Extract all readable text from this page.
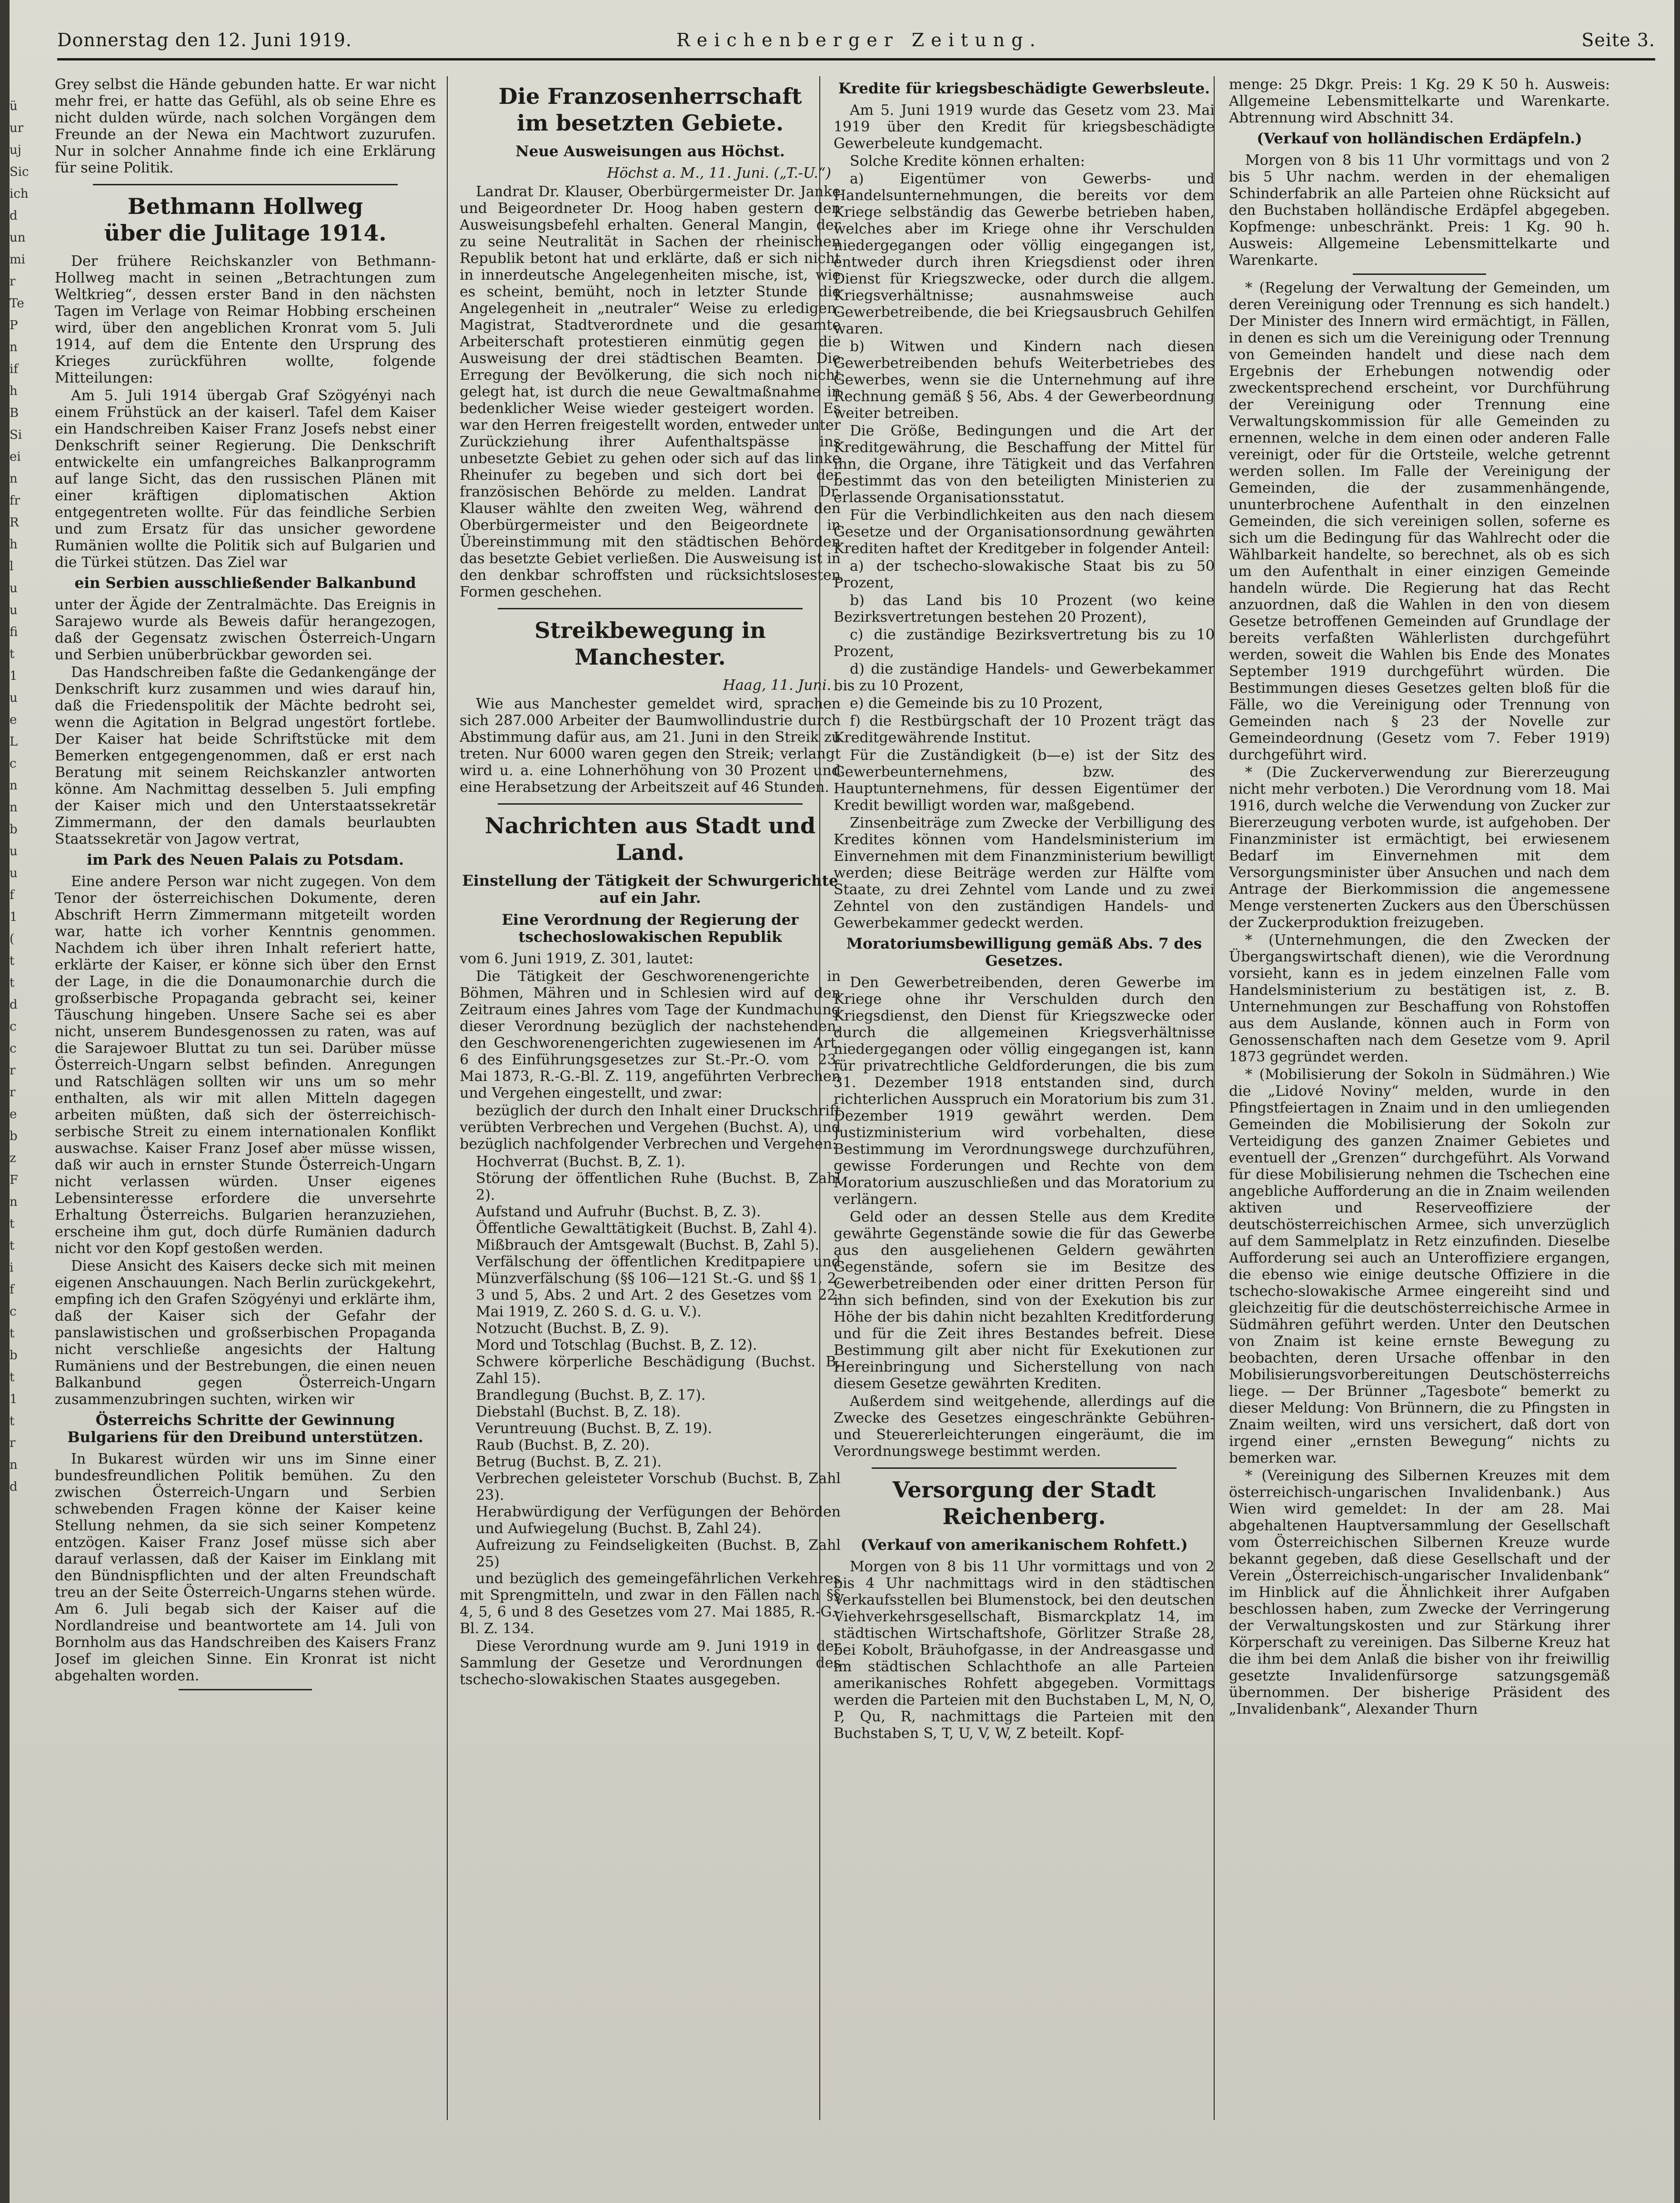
ü
ur
uj
Sic
ich
d
un
mi
r
Te
P
n
if
h
B
Si
ei
n
fr
R
h
l
u
u
fi
t
1
u
e
L
c
n
n
b
u
u
f
1
(
t
t
d
c
c
r
r
e
b
z
F
n
t
t
i
f
c
t
b
t
1
t
r
n
d
Donnerstag den 12. Juni 1919.	Reichenberger Zeitung.	Seite 3.

Grey selbst die Hände gebunden hatte. Er war nicht mehr frei, er hatte das Gefühl, als ob seine Ehre es nicht dulden würde, nach solchen Vorgängen dem Freunde an der Newa ein Machtwort zuzurufen. Nur in solcher Annahme finde ich eine Erklärung für seine Politik.

Bethmann Hollweg
über die Julitage 1914.

Der frühere Reichskanzler von Bethmann-Hollweg macht in seinen „Betrachtungen zum Weltkrieg“, dessen erster Band in den nächsten Tagen im Verlage von Reimar Hobbing erscheinen wird, über den angeblichen Kronrat vom 5. Juli 1914, auf dem die Entente den Ursprung des Krieges zurückführen wollte, folgende Mitteilungen:

Am 5. Juli 1914 übergab Graf Szögyényi nach einem Frühstück an der kaiserl. Tafel dem Kaiser ein Handschreiben Kaiser Franz Josefs nebst einer Denkschrift seiner Regierung. Die Denkschrift entwickelte ein umfangreiches Balkanprogramm auf lange Sicht, das den russischen Plänen mit einer kräftigen diplomatischen Aktion entgegentreten wollte. Für das feindliche Serbien und zum Ersatz für das unsicher gewordene Rumänien wollte die Politik sich auf Bulgarien und die Türkei stützen. Das Ziel war

ein Serbien ausschließender Balkanbund

unter der Ägide der Zentralmächte. Das Ereignis in Sarajewo wurde als Beweis dafür herangezogen, daß der Gegensatz zwischen Österreich-Ungarn und Serbien unüberbrückbar geworden sei.

Das Handschreiben faßte die Gedankengänge der Denkschrift kurz zusammen und wies darauf hin, daß die Friedenspolitik der Mächte bedroht sei, wenn die Agitation in Belgrad ungestört fortlebe. Der Kaiser hat beide Schriftstücke mit dem Bemerken entgegengenommen, daß er erst nach Beratung mit seinem Reichskanzler antworten könne. Am Nachmittag desselben 5. Juli empfing der Kaiser mich und den Unterstaatssekretär Zimmermann, der den damals beurlaubten Staatssekretär von Jagow vertrat,

im Park des Neuen Palais zu Potsdam.

Eine andere Person war nicht zugegen. Von dem Tenor der österreichischen Dokumente, deren Abschrift Herrn Zimmermann mitgeteilt worden war, hatte ich vorher Kenntnis genommen. Nachdem ich über ihren Inhalt referiert hatte, erklärte der Kaiser, er könne sich über den Ernst der Lage, in die die Donaumonarchie durch die großserbische Propaganda gebracht sei, keiner Täuschung hingeben. Unsere Sache sei es aber nicht, unserem Bundesgenossen zu raten, was auf die Sarajewoer Bluttat zu tun sei. Darüber müsse Österreich-Ungarn selbst befinden. Anregungen und Ratschlägen sollten wir uns um so mehr enthalten, als wir mit allen Mitteln dagegen arbeiten müßten, daß sich der österreichisch-serbische Streit zu einem internationalen Konflikt auswachse. Kaiser Franz Josef aber müsse wissen, daß wir auch in ernster Stunde Österreich-Ungarn nicht verlassen würden. Unser eigenes Lebensinteresse erfordere die unversehrte Erhaltung Österreichs. Bulgarien heranzuziehen, erscheine ihm gut, doch dürfe Rumänien dadurch nicht vor den Kopf gestoßen werden.

Diese Ansicht des Kaisers decke sich mit meinen eigenen Anschauungen. Nach Berlin zurückgekehrt, empfing ich den Grafen Szögyényi und erklärte ihm, daß der Kaiser sich der Gefahr der panslawistischen und großserbischen Propaganda nicht verschließe angesichts der Haltung Rumäniens und der Bestrebungen, die einen neuen Balkanbund gegen Österreich-Ungarn zusammenzubringen suchten, wirken wir

Österreichs Schritte der Gewinnung Bulgariens für den Dreibund unterstützen.

In Bukarest würden wir uns im Sinne einer bundesfreundlichen Politik bemühen. Zu den zwischen Österreich-Ungarn und Serbien schwebenden Fragen könne der Kaiser keine Stellung nehmen, da sie sich seiner Kompetenz entzögen. Kaiser Franz Josef müsse sich aber darauf verlassen, daß der Kaiser im Einklang mit den Bündnispflichten und der alten Freundschaft treu an der Seite Österreich-Ungarns stehen würde. Am 6. Juli begab sich der Kaiser auf die Nordlandreise und beantwortete am 14. Juli von Bornholm aus das Handschreiben des Kaisers Franz Josef im gleichen Sinne. Ein Kronrat ist nicht abgehalten worden.

Die Franzosenherrschaft
im besetzten Gebiete.
Neue Ausweisungen aus Höchst.
Höchst a. M., 11. Juni. („T.-U.“)

Landrat Dr. Klauser, Oberbürgermeister Dr. Janke und Beigeordneter Dr. Hoog haben gestern den Ausweisungsbefehl erhalten. General Mangin, der zu seine Neutralität in Sachen der rheinischen Republik betont hat und erklärte, daß er sich nicht in innerdeutsche Angelegenheiten mische, ist, wie es scheint, bemüht, noch in letzter Stunde die Angelegenheit in „neutraler“ Weise zu erledigen. Magistrat, Stadtverordnete und die gesamte Arbeiterschaft protestieren einmütig gegen die Ausweisung der drei städtischen Beamten. Die Erregung der Bevölkerung, die sich noch nicht gelegt hat, ist durch die neue Gewaltmaßnahme in bedenklicher Weise wieder gesteigert worden. Es war den Herren freigestellt worden, entweder unter Zurückziehung ihrer Aufenthaltspässe ins unbesetzte Gebiet zu gehen oder sich auf das linke Rheinufer zu begeben und sich dort bei der französischen Behörde zu melden. Landrat Dr. Klauser wählte den zweiten Weg, während den Oberbürgermeister und den Beigeordnete in Übereinstimmung mit den städtischen Behörden das besetzte Gebiet verließen. Die Ausweisung ist in den denkbar schroffsten und rücksichtslosesten Formen geschehen.

Streikbewegung in Manchester.
Haag, 11. Juni.

Wie aus Manchester gemeldet wird, sprachen sich 287.000 Arbeiter der Baumwollindustrie durch Abstimmung dafür aus, am 21. Juni in den Streik zu treten. Nur 6000 waren gegen den Streik; verlangt wird u. a. eine Lohnerhöhung von 30 Prozent und eine Herabsetzung der Arbeitszeit auf 46 Stunden.

Nachrichten aus Stadt und Land.
Einstellung der Tätigkeit der Schwurgerichte auf ein Jahr.
Eine Verordnung der Regierung der tschechoslowakischen Republik

vom 6. Juni 1919, Z. 301, lautet:

Die Tätigkeit der Geschworenengerichte in Böhmen, Mähren und in Schlesien wird auf den Zeitraum eines Jahres vom Tage der Kundmachung dieser Verordnung bezüglich der nachstehenden, den Geschworenengerichten zugewiesenen im Art. 6 des Einführungsgesetzes zur St.-Pr.-O. vom 23. Mai 1873, R.-G.-Bl. Z. 119, angeführten Verbrechen und Vergehen eingestellt, und zwar:

bezüglich der durch den Inhalt einer Druckschrift verübten Verbrechen und Vergehen (Buchst. A), und bezüglich nachfolgender Verbrechen und Vergehen:

Hochverrat (Buchst. B, Z. 1).
Störung der öffentlichen Ruhe (Buchst. B, Zahl 2).
Aufstand und Aufruhr (Buchst. B, Z. 3).
Öffentliche Gewalttätigkeit (Buchst. B, Zahl 4).
Mißbrauch der Amtsgewalt (Buchst. B, Zahl 5).
Verfälschung der öffentlichen Kreditpapiere und Münzverfälschung (§§ 106—121 St.-G. und §§ 1, 2, 3 und 5, Abs. 2 und Art. 2 des Gesetzes vom 22. Mai 1919, Z. 260 S. d. G. u. V.).
Notzucht (Buchst. B, Z. 9).
Mord und Totschlag (Buchst. B, Z. 12).
Schwere körperliche Beschädigung (Buchst. B, Zahl 15).
Brandlegung (Buchst. B, Z. 17).
Diebstahl (Buchst. B, Z. 18).
Veruntreuung (Buchst. B, Z. 19).
Raub (Buchst. B, Z. 20).
Betrug (Buchst. B, Z. 21).
Verbrechen geleisteter Vorschub (Buchst. B, Zahl 23).
Herabwürdigung der Verfügungen der Behörden und Aufwiegelung (Buchst. B, Zahl 24).
Aufreizung zu Feindseligkeiten (Buchst. B, Zahl 25)

und bezüglich des gemeingefährlichen Verkehres mit Sprengmitteln, und zwar in den Fällen nach §§ 4, 5, 6 und 8 des Gesetzes vom 27. Mai 1885, R.-G.-Bl. Z. 134.

Diese Verordnung wurde am 9. Juni 1919 in der Sammlung der Gesetze und Verordnungen des tschecho-slowakischen Staates ausgegeben.

Kredite für kriegsbeschädigte Gewerbsleute.

Am 5. Juni 1919 wurde das Gesetz vom 23. Mai 1919 über den Kredit für kriegsbeschädigte Gewerbeleute kundgemacht.

Solche Kredite können erhalten:

a) Eigentümer von Gewerbs- und Handelsunternehmungen, die bereits vor dem Kriege selbständig das Gewerbe betrieben haben, welches aber im Kriege ohne ihr Verschulden niedergegangen oder völlig eingegangen ist, entweder durch ihren Kriegsdienst oder ihren Dienst für Kriegszwecke, oder durch die allgem. Kriegsverhältnisse; ausnahmsweise auch Gewerbetreibende, die bei Kriegsausbruch Gehilfen waren.

b) Witwen und Kindern nach diesen Gewerbetreibenden behufs Weiterbetriebes des Gewerbes, wenn sie die Unternehmung auf ihre Rechnung gemäß § 56, Abs. 4 der Gewerbeordnung weiter betreiben.

Die Größe, Bedingungen und die Art der Kreditgewährung, die Beschaffung der Mittel für ihn, die Organe, ihre Tätigkeit und das Verfahren bestimmt das von den beteiligten Ministerien zu erlassende Organisationsstatut.

Für die Verbindlichkeiten aus den nach diesem Gesetze und der Organisationsordnung gewährten Krediten haftet der Kreditgeber in folgender Anteil:

a) der tschecho-slowakische Staat bis zu 50 Prozent,

b) das Land bis 10 Prozent (wo keine Bezirksvertretungen bestehen 20 Prozent),

c) die zuständige Bezirksvertretung bis zu 10 Prozent,

d) die zuständige Handels- und Gewerbekammer bis zu 10 Prozent,

e) die Gemeinde bis zu 10 Prozent,

f) die Restbürgschaft der 10 Prozent trägt das Kreditgewährende Institut.

Für die Zuständigkeit (b—e) ist der Sitz des Gewerbeunternehmens, bzw. des Hauptunternehmens, für dessen Eigentümer der Kredit bewilligt worden war, maßgebend.

Zinsenbeiträge zum Zwecke der Verbilligung des Kredites können vom Handelsministerium im Einvernehmen mit dem Finanzministerium bewilligt werden; diese Beiträge werden zur Hälfte vom Staate, zu drei Zehntel vom Lande und zu zwei Zehntel von den zuständigen Handels- und Gewerbekammer gedeckt werden.

Moratoriumsbewilligung gemäß Abs. 7 des Gesetzes.

Den Gewerbetreibenden, deren Gewerbe im Kriege ohne ihr Verschulden durch den Kriegsdienst, den Dienst für Kriegszwecke oder durch die allgemeinen Kriegsverhältnisse niedergegangen oder völlig eingegangen ist, kann für privatrechtliche Geldforderungen, die bis zum 31. Dezember 1918 entstanden sind, durch richterlichen Ausspruch ein Moratorium bis zum 31. Dezember 1919 gewährt werden. Dem Justizministerium wird vorbehalten, diese Bestimmung im Verordnungswege durchzuführen, gewisse Forderungen und Rechte von dem Moratorium auszuschließen und das Moratorium zu verlängern.

Geld oder an dessen Stelle aus dem Kredite gewährte Gegenstände sowie die für das Gewerbe aus den ausgeliehenen Geldern gewährten Gegenstände, sofern sie im Besitze des Gewerbetreibenden oder einer dritten Person für ihn sich befinden, sind von der Exekution bis zur Höhe der bis dahin nicht bezahlten Kreditforderung und für die Zeit ihres Bestandes befreit. Diese Bestimmung gilt aber nicht für Exekutionen zur Hereinbringung und Sicherstellung von nach diesem Gesetze gewährten Krediten.

Außerdem sind weitgehende, allerdings auf die Zwecke des Gesetzes eingeschränkte Gebühren- und Steuererleichterungen eingeräumt, die im Verordnungswege bestimmt werden.

Versorgung der Stadt Reichenberg.
(Verkauf von amerikanischem Rohfett.)

Morgen von 8 bis 11 Uhr vormittags und von 2 bis 4 Uhr nachmittags wird in den städtischen Verkaufsstellen bei Blumenstock, bei den deutschen Viehverkehrsgesellschaft, Bismarckplatz 14, im städtischen Wirtschaftshofe, Görlitzer Straße 28, bei Kobolt, Bräuhofgasse, in der Andreasgasse und im städtischen Schlachthofe an alle Parteien amerikanisches Rohfett abgegeben. Vormittags werden die Parteien mit den Buchstaben L, M, N, O, P, Qu, R, nachmittags die Parteien mit den Buchstaben S, T, U, V, W, Z beteilt. Kopf-

menge: 25 Dkgr. Preis: 1 Kg. 29 K 50 h. Ausweis: Allgemeine Lebensmittelkarte und Warenkarte. Abtrennung wird Abschnitt 34.

(Verkauf von holländischen Erdäpfeln.)

Morgen von 8 bis 11 Uhr vormittags und von 2 bis 5 Uhr nachm. werden in der ehemaligen Schinderfabrik an alle Parteien ohne Rücksicht auf den Buchstaben holländische Erdäpfel abgegeben. Kopfmenge: unbeschränkt. Preis: 1 Kg. 90 h. Ausweis: Allgemeine Lebensmittelkarte und Warenkarte.

* (Regelung der Verwaltung der Gemeinden, um deren Vereinigung oder Trennung es sich handelt.) Der Minister des Innern wird ermächtigt, in Fällen, in denen es sich um die Vereinigung oder Trennung von Gemeinden handelt und diese nach dem Ergebnis der Erhebungen notwendig oder zweckentsprechend erscheint, vor Durchführung der Vereinigung oder Trennung eine Verwaltungskommission für alle Gemeinden zu ernennen, welche in dem einen oder anderen Falle vereinigt, oder für die Ortsteile, welche getrennt werden sollen. Im Falle der Vereinigung der Gemeinden, die der zusammenhängende, ununterbrochene Aufenthalt in den einzelnen Gemeinden, die sich vereinigen sollen, soferne es sich um die Bedingung für das Wahlrecht oder die Wählbarkeit handelte, so berechnet, als ob es sich um den Aufenthalt in einer einzigen Gemeinde handeln würde. Die Regierung hat das Recht anzuordnen, daß die Wahlen in den von diesem Gesetze betroffenen Gemeinden auf Grundlage der bereits verfaßten Wählerlisten durchgeführt werden, soweit die Wahlen bis Ende des Monates September 1919 durchgeführt würden. Die Bestimmungen dieses Gesetzes gelten bloß für die Fälle, wo die Vereinigung oder Trennung von Gemeinden nach § 23 der Novelle zur Gemeindeordnung (Gesetz vom 7. Feber 1919) durchgeführt wird.

* (Die Zuckerverwendung zur Biererzeugung nicht mehr verboten.) Die Verordnung vom 18. Mai 1916, durch welche die Verwendung von Zucker zur Biererzeugung verboten wurde, ist aufgehoben. Der Finanzminister ist ermächtigt, bei erwiesenem Bedarf im Einvernehmen mit dem Versorgungsminister über Ansuchen und nach dem Antrage der Bierkommission die angemessene Menge verstenerten Zuckers aus den Überschüssen der Zuckerproduktion freizugeben.

* (Unternehmungen, die den Zwecken der Übergangswirtschaft dienen), wie die Verordnung vorsieht, kann es in jedem einzelnen Falle vom Handelsministerium zu bestätigen ist, z. B. Unternehmungen zur Beschaffung von Rohstoffen aus dem Auslande, können auch in Form von Genossenschaften nach dem Gesetze vom 9. April 1873 gegründet werden.

* (Mobilisierung der Sokoln in Südmähren.) Wie die „Lidové Noviny“ melden, wurde in den Pfingstfeiertagen in Znaim und in den umliegenden Gemeinden die Mobilisierung der Sokoln zur Verteidigung des ganzen Znaimer Gebietes und eventuell der „Grenzen“ durchgeführt. Als Vorwand für diese Mobilisierung nehmen die Tschechen eine angebliche Aufforderung an die in Znaim weilenden aktiven und Reserveoffiziere der deutschösterreichischen Armee, sich unverzüglich auf dem Sammelplatz in Retz einzufinden. Dieselbe Aufforderung sei auch an Unteroffiziere ergangen, die ebenso wie einige deutsche Offiziere in die tschecho-slowakische Armee eingereiht sind und gleichzeitig für die deutschösterreichische Armee in Südmähren geführt werden. Unter den Deutschen von Znaim ist keine ernste Bewegung zu beobachten, deren Ursache offenbar in den Mobilisierungsvorbereitungen Deutschösterreichs liege. — Der Brünner „Tagesbote“ bemerkt zu dieser Meldung: Von Brünnern, die zu Pfingsten in Znaim weilten, wird uns versichert, daß dort von irgend einer „ernsten Bewegung“ nichts zu bemerken war.

* (Vereinigung des Silbernen Kreuzes mit dem österreichisch-ungarischen Invalidenbank.) Aus Wien wird gemeldet: In der am 28. Mai abgehaltenen Hauptversammlung der Gesellschaft vom Österreichischen Silbernen Kreuze wurde bekannt gegeben, daß diese Gesellschaft und der Verein „Österreichisch-ungarischer Invalidenbank“ im Hinblick auf die Ähnlichkeit ihrer Aufgaben beschlossen haben, zum Zwecke der Verringerung der Verwaltungskosten und zur Stärkung ihrer Körperschaft zu vereinigen. Das Silberne Kreuz hat die ihm bei dem Anlaß die bisher von ihr freiwillig gesetzte Invalidenfürsorge satzungsgemäß übernommen. Der bisherige Präsident des „Invalidenbank“, Alexander Thurn
